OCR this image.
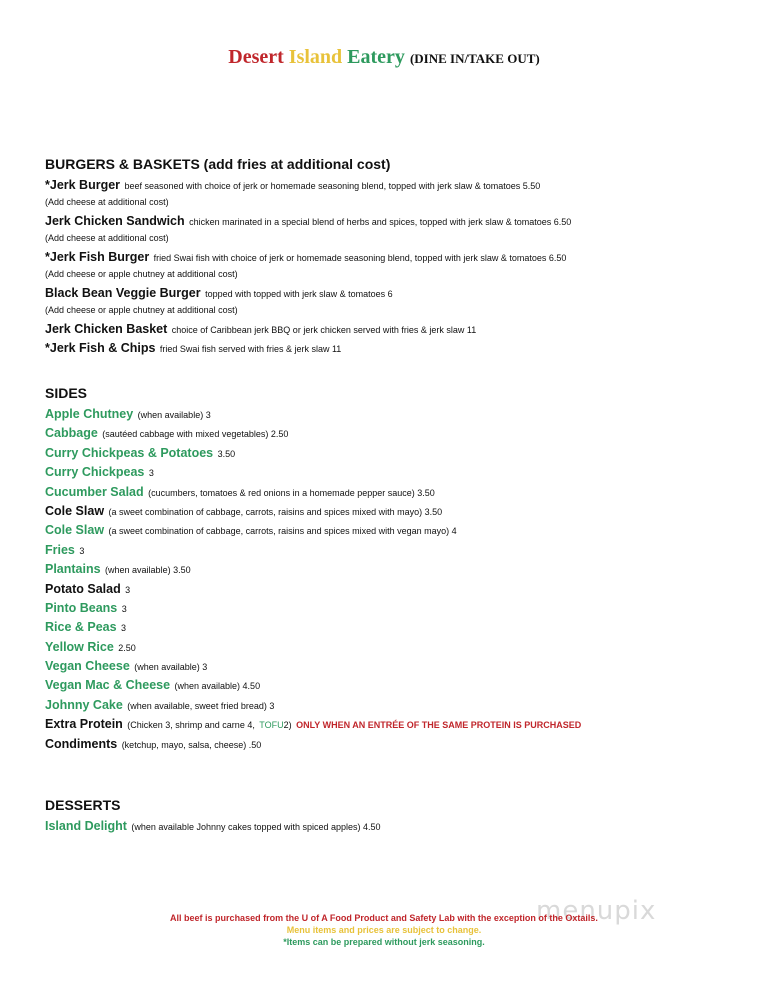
Desert Island Eatery (DINE IN/TAKE OUT)
BURGERS & BASKETS (add fries at additional cost)
*Jerk Burger beef seasoned with choice of jerk or homemade seasoning blend, topped with jerk slaw & tomatoes 5.50
(Add cheese at additional cost)
Jerk Chicken Sandwich chicken marinated in a special blend of herbs and spices, topped with jerk slaw & tomatoes 6.50
(Add cheese at additional cost)
*Jerk Fish Burger fried Swai fish with choice of jerk or homemade seasoning blend, topped with jerk slaw & tomatoes 6.50
(Add cheese or apple chutney at additional cost)
Black Bean Veggie Burger topped with topped with jerk slaw & tomatoes 6
(Add cheese or apple chutney at additional cost)
Jerk Chicken Basket choice of Caribbean jerk BBQ or jerk chicken served with fries & jerk slaw 11
*Jerk Fish & Chips fried Swai fish served with fries & jerk slaw 11
SIDES
Apple Chutney (when available) 3
Cabbage (sautéed cabbage with mixed vegetables) 2.50
Curry Chickpeas & Potatoes 3.50
Curry Chickpeas 3
Cucumber Salad (cucumbers, tomatoes & red onions in a homemade pepper sauce) 3.50
Cole Slaw (a sweet combination of cabbage, carrots, raisins and spices mixed with mayo) 3.50
Cole Slaw (a sweet combination of cabbage, carrots, raisins and spices mixed with vegan mayo) 4
Fries 3
Plantains (when available) 3.50
Potato Salad 3
Pinto Beans 3
Rice & Peas 3
Yellow Rice 2.50
Vegan Cheese (when available) 3
Vegan Mac & Cheese (when available) 4.50
Johnny Cake (when available, sweet fried bread) 3
Extra Protein (Chicken 3, shrimp and carne 4, TOFU2) ONLY WHEN AN ENTRÉE OF THE SAME PROTEIN IS PURCHASED
Condiments (ketchup, mayo, salsa, cheese) .50
DESSERTS
Island Delight (when available Johnny cakes topped with spiced apples) 4.50
menupix
All beef is purchased from the U of A Food Product and Safety Lab with the exception of the Oxtails.
Menu items and prices are subject to change.
*Items can be prepared without jerk seasoning.
